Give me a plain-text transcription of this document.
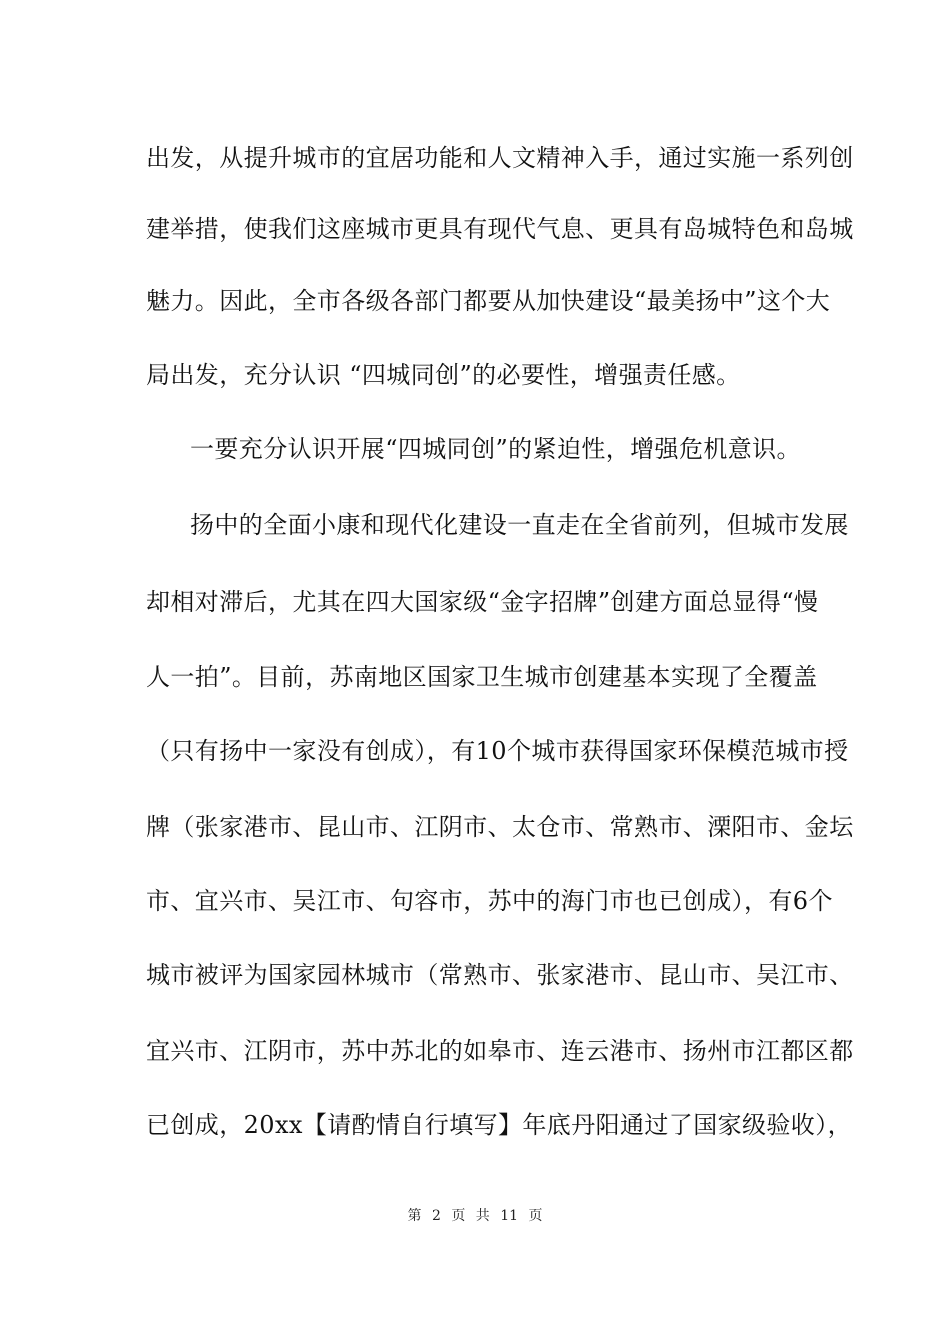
出发，从提升城市的宜居功能和人文精神入手，通过实施一系列创
建举措，使我们这座城市更具有现代气息、更具有岛城特色和岛城
魅力。因此，全市各级各部门都要从加快建设“最美扬中”这个大
局出发，充分认识 “四城同创”的必要性，增强责任感。
一要充分认识开展“四城同创”的紧迫性，增强危机意识。
扬中的全面小康和现代化建设一直走在全省前列，但城市发展
却相对滞后，尤其在四大国家级“金字招牌”创建方面总显得“慢
人一拍”。目前，苏南地区国家卫生城市创建基本实现了全覆盖
（只有扬中一家没有创成），有10个城市获得国家环保模范城市授
牌（张家港市、昆山市、江阴市、太仓市、常熟市、溧阳市、金坛
市、宜兴市、吴江市、句容市，苏中的海门市也已创成），有6个
城市被评为国家园林城市（常熟市、张家港市、昆山市、吴江市、
宜兴市、江阴市，苏中苏北的如皋市、连云港市、扬州市江都区都
已创成，20xx【请酌情自行填写】年底丹阳通过了国家级验收），
第 2 页 共 11 页
